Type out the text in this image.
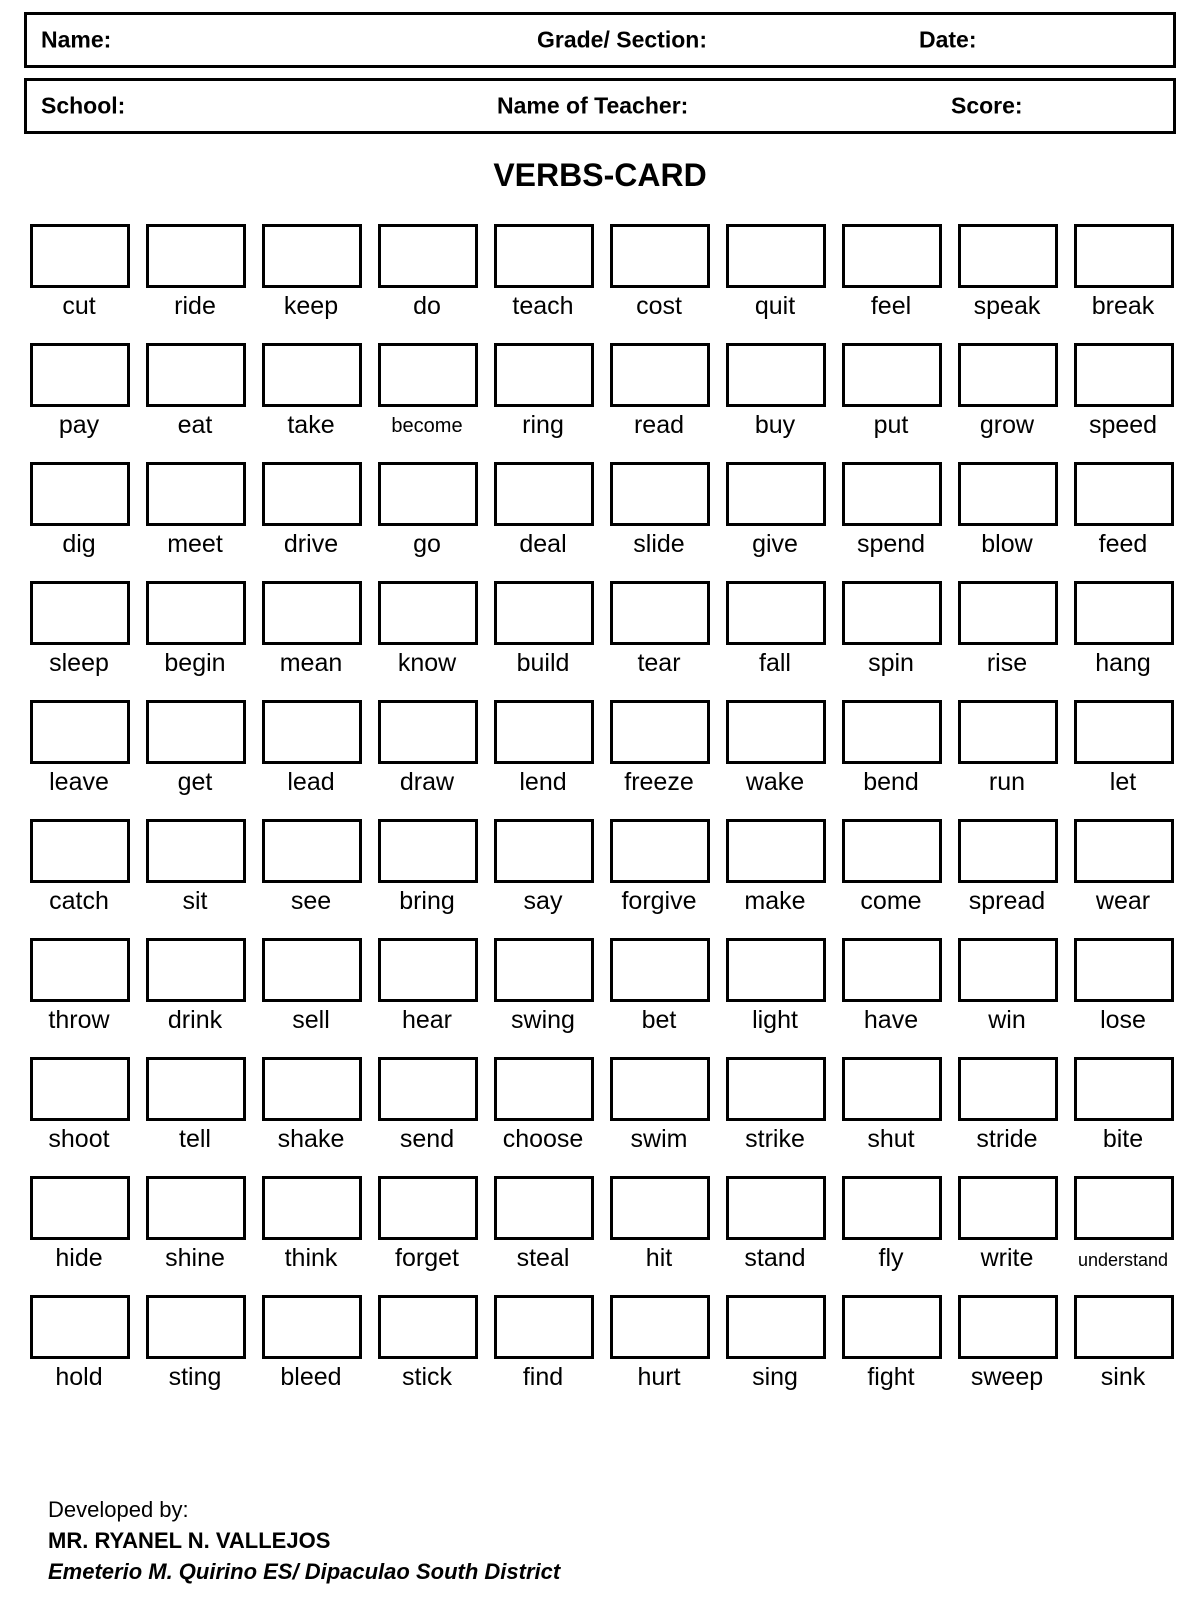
Name:	Grade/ Section:	Date:
School:	Name of Teacher:	Score:
VERBS-CARD
cut	ride	keep	do	teach	cost	quit	feel	speak	break
pay	eat	take	become	ring	read	buy	put	grow	speed
dig	meet	drive	go	deal	slide	give	spend	blow	feed
sleep	begin	mean	know	build	tear	fall	spin	rise	hang
leave	get	lead	draw	lend	freeze	wake	bend	run	let
catch	sit	see	bring	say	forgive	make	come	spread	wear
throw	drink	sell	hear	swing	bet	light	have	win	lose
shoot	tell	shake	send	choose	swim	strike	shut	stride	bite
hide	shine	think	forget	steal	hit	stand	fly	write	understand
hold	sting	bleed	stick	find	hurt	sing	fight	sweep	sink
Developed by:
MR. RYANEL N. VALLEJOS
Emeterio M. Quirino ES/ Dipaculao South District
